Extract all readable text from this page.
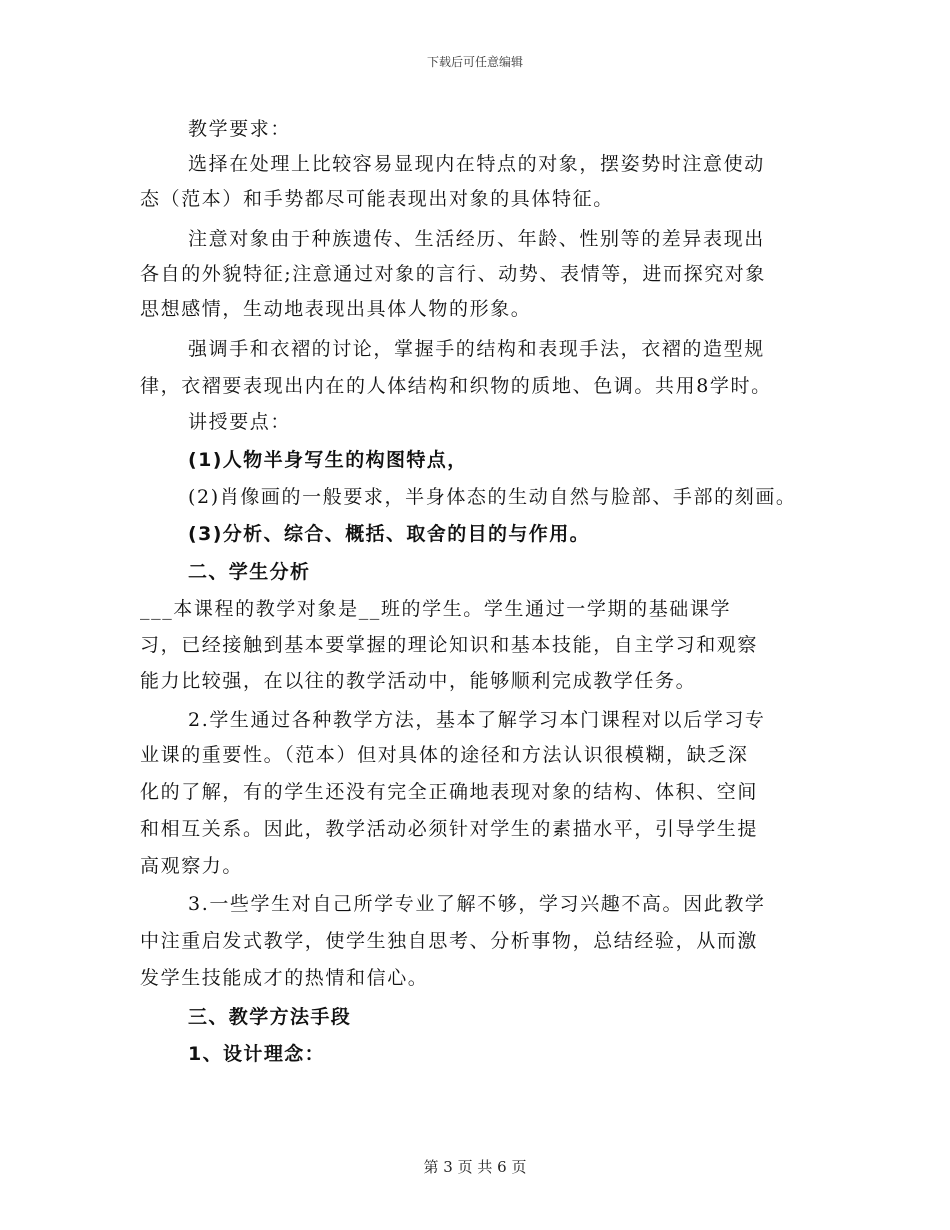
下载后可任意编辑
教学要求：
选择在处理上比较容易显现内在特点的对象，摆姿势时注意使动
态（范本）和手势都尽可能表现出对象的具体特征。
注意对象由于种族遗传、生活经历、年龄、性别等的差异表现出
各自的外貌特征;注意通过对象的言行、动势、表情等，进而探究对象
思想感情，生动地表现出具体人物的形象。
强调手和衣褶的讨论，掌握手的结构和表现手法，衣褶的造型规
律，衣褶要表现出内在的人体结构和织物的质地、色调。共用8学时。
讲授要点：
(1)人物半身写生的构图特点，
(2)肖像画的一般要求，半身体态的生动自然与脸部、手部的刻画。
(3)分析、综合、概括、取舍的目的与作用。
二、学生分析
___本课程的教学对象是__班的学生。学生通过一学期的基础课学
习，已经接触到基本要掌握的理论知识和基本技能，自主学习和观察
能力比较强，在以往的教学活动中，能够顺利完成教学任务。
2.学生通过各种教学方法，基本了解学习本门课程对以后学习专
业课的重要性。（范本）但对具体的途径和方法认识很模糊，缺乏深
化的了解，有的学生还没有完全正确地表现对象的结构、体积、空间
和相互关系。因此，教学活动必须针对学生的素描水平，引导学生提
高观察力。
3.一些学生对自己所学专业了解不够，学习兴趣不高。因此教学
中注重启发式教学，使学生独自思考、分析事物，总结经验，从而激
发学生技能成才的热情和信心。
三、教学方法手段
1、设计理念：
第 3 页 共 6 页
